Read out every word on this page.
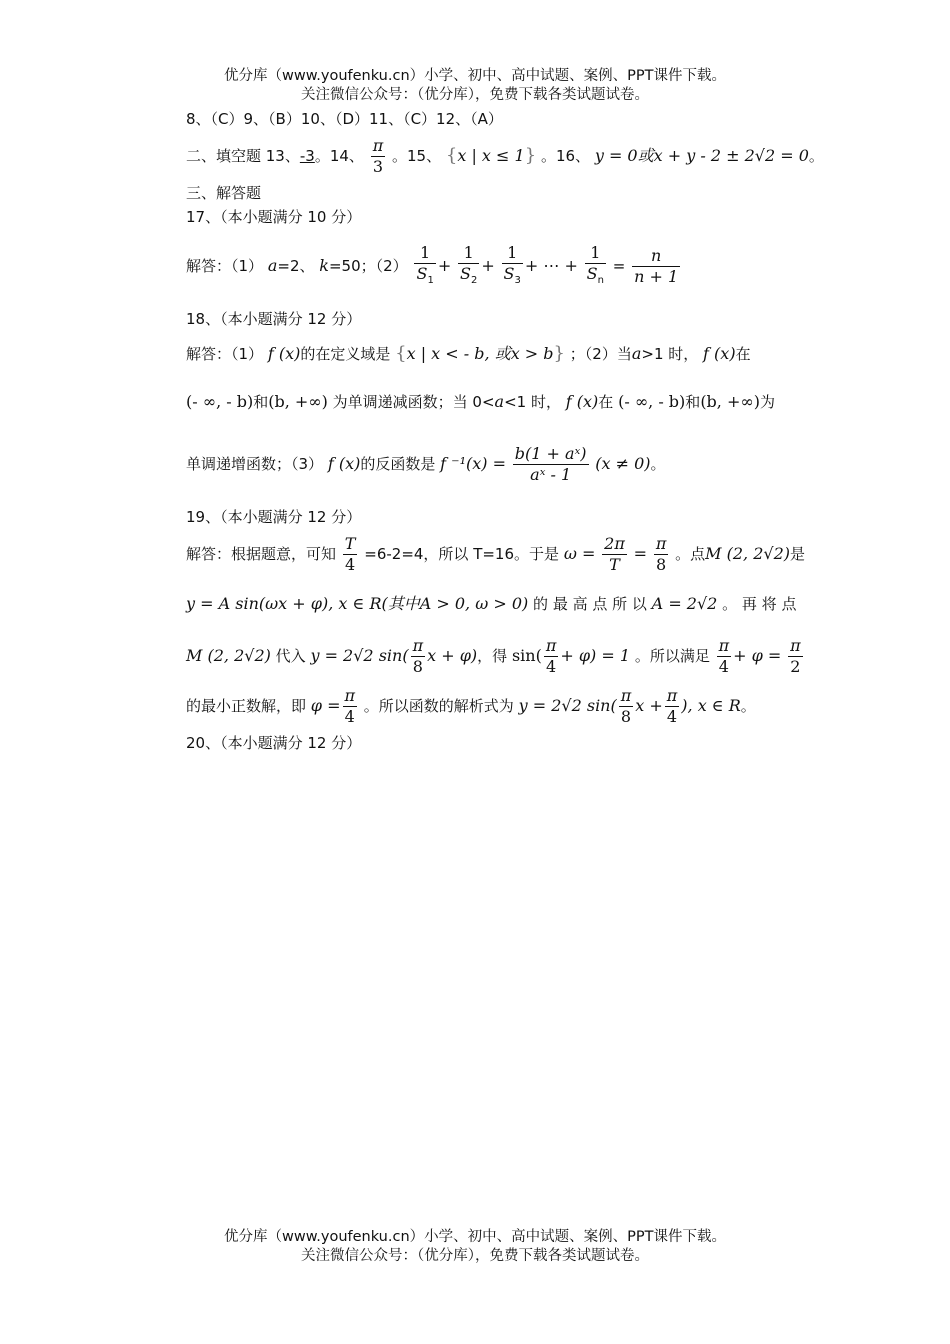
优分库（www.youfenku.cn）小学、初中、高中试题、案例、PPT课件下载。
关注微信公众号：（优分库），免费下载各类试题试卷。
8、（C）9、（B）10、（D）11、（C）12、（A）
二、填空题 13、-3。14、 $\frac{\pi}{3}$ 。15、 {x | x ≤ 1} 。16、 y = 0或x + y - 2 ± 2√2 = 0。
三、解答题
17、（本小题满分 10 分）
解答：（1） a=2、 k=50；$(2) \frac{1}{S_1} + \frac{1}{S_2} + \frac{1}{S_3}$ + ⋯ + $\frac{1}{S_n} = \frac{n}{n + 1}$
18、（本小题满分 12 分）
解答：（1） f (x)的在定义域是 {x | x < - b, 或x > b} ；（2）当a>1 时， f (x)在
(- ∞, - b)和(b, +∞) 为单调递减函数；当 0<a<1 时， f (x)在 (- ∞, - b)和(b, +∞)为
单调递增函数；（3） f (x)的反函数是 f $^{-1}(x) = \frac{\text{b(1 + aˣ)}}{\text{aˣ - 1}} (x \ne 0)$。
19、（本小题满分 12 分）
解答：根据题意，可知 $\frac{T}{4} =6-2=4$，所以 T=16。于是 $\omega = \frac{2\pi}{T} = \frac{\pi}{8}$ 。点M (2, 2√2)是
y = A sin(ωx + φ), x ∈ R(其中A > 0, ω > 0) 的 最 高 点 所 以 A = 2√2 。 再 将 点
M (2, 2√2) 代入 y = 2√2 $\sin( \frac{\pi}{8}$ x + φ)，得 $\sin( \frac{\pi}{4} + \varphi) = 1$ 。所以满足 $\frac{\pi}{4} + \varphi = \frac{\pi}{2}$
的最小正数解，即 $\varphi = \frac{\pi}{4}$ 。所以函数的解析式为 y = 2√2 $\sin( \frac{\pi}{8}$ $x + \frac{\pi}{4}$ ), x ∈ R。
20、（本小题满分 12 分）
优分库（www.youfenku.cn）小学、初中、高中试题、案例、PPT课件下载。
关注微信公众号：（优分库），免费下载各类试题试卷。
